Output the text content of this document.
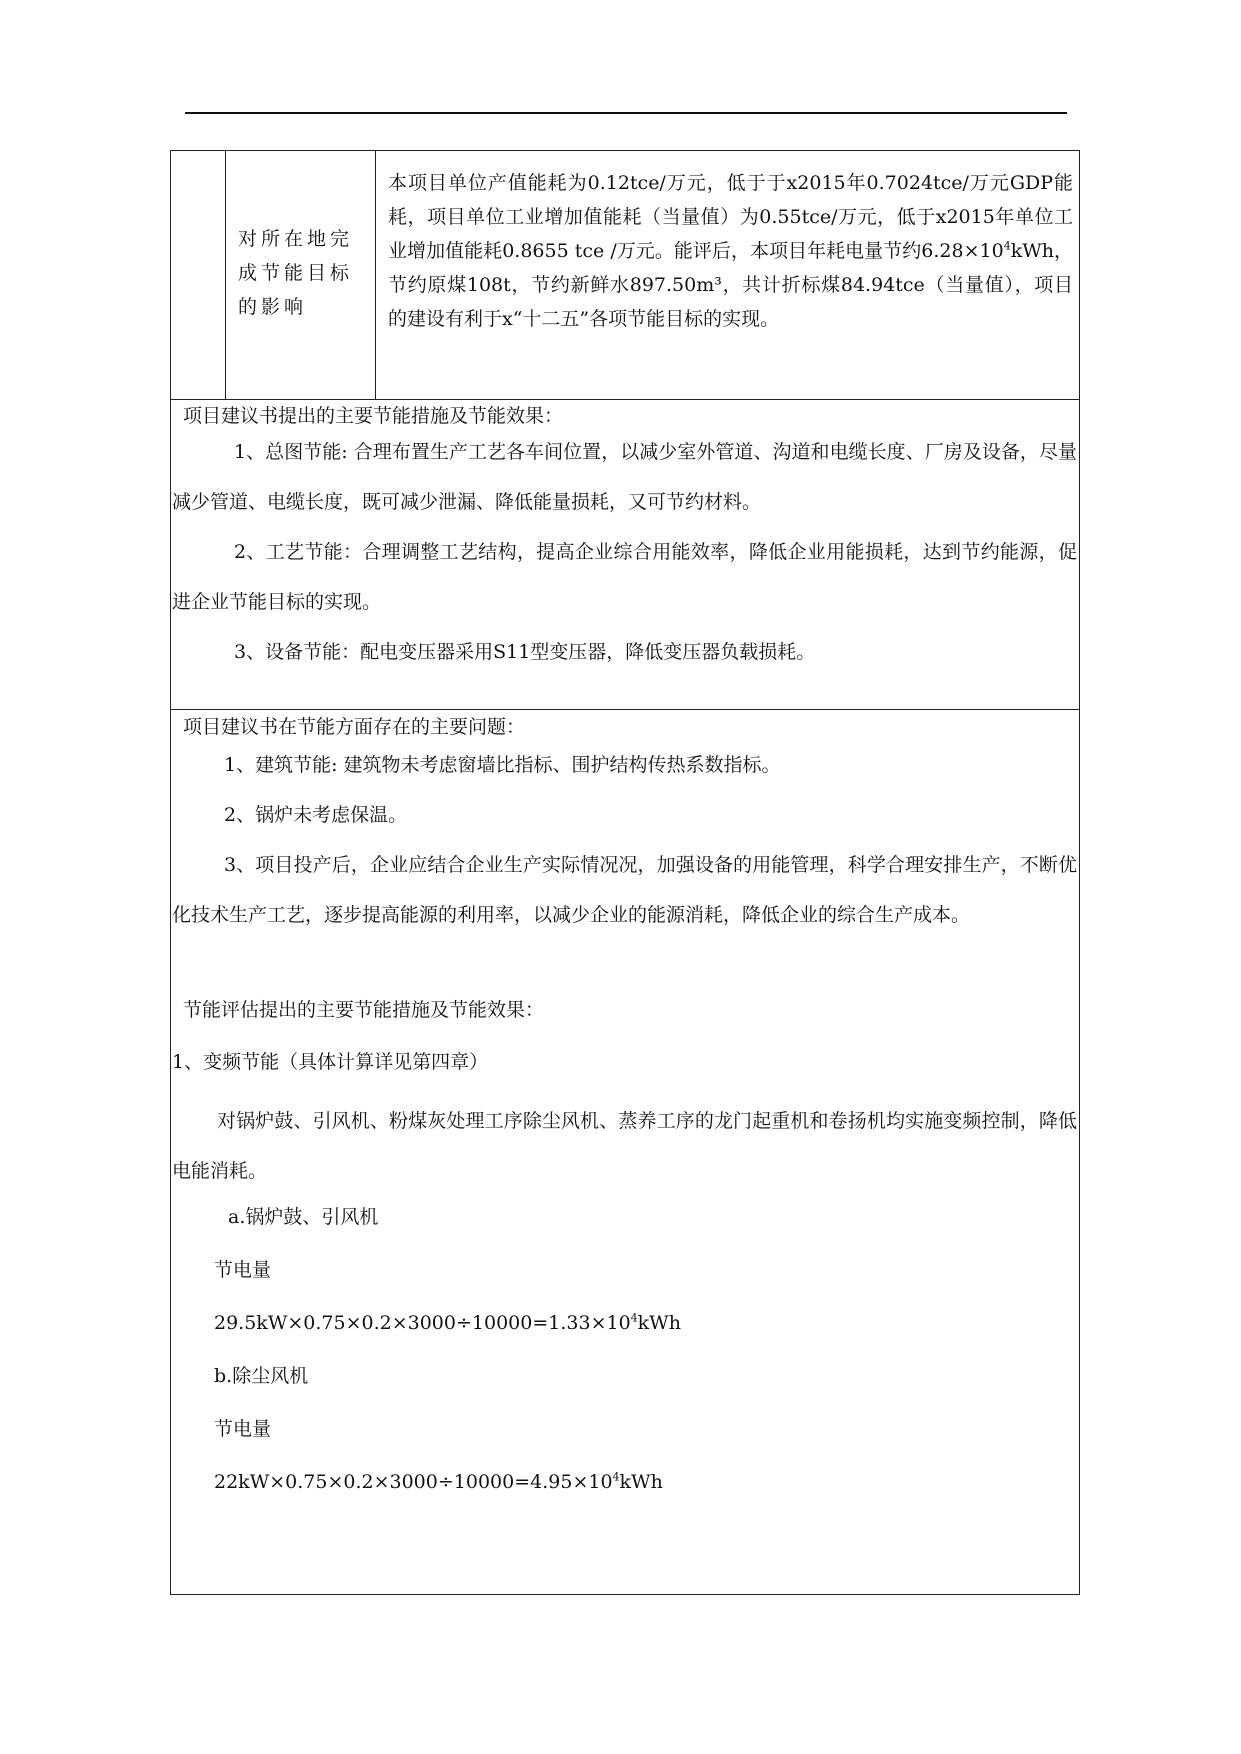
对所在地完成节能目标的影响
本项目单位产值能耗为0.12tce/万元，低于于x2015年0.7024tce/万元GDP能耗，项目单位工业增加值能耗（当量值）为0.55tce/万元，低于x2015年单位工业增加值能耗0.8655 tce /万元。能评后，本项目年耗电量节约$6.28\times 10^4kWh$，节约原煤108t，节约新鲜水897.50m³，共计折标煤84.94tce（当量值），项目的建设有利于x“十二五”各项节能目标的实现。

项目建议书提出的主要节能措施及节能效果：

1、总图节能: 合理布置生产工艺各车间位置，以减少室外管道、沟道和电缆长度、厂房及设备，尽量减少管道、电缆长度，既可减少泄漏、降低能量损耗，又可节约材料。

2、工艺节能：合理调整工艺结构，提高企业综合用能效率，降低企业用能损耗，达到节约能源，促进企业节能目标的实现。

3、设备节能：配电变压器采用S11型变压器，降低变压器负载损耗。

项目建议书在节能方面存在的主要问题：

1、建筑节能: 建筑物未考虑窗墙比指标、围护结构传热系数指标。

2、锅炉未考虑保温。

3、项目投产后，企业应结合企业生产实际情况况，加强设备的用能管理，科学合理安排生产，不断优化技术生产工艺，逐步提高能源的利用率，以减少企业的能源消耗，降低企业的综合生产成本。

节能评估提出的主要节能措施及节能效果：

1、变频节能（具体计算详见第四章）

对锅炉鼓、引风机、粉煤灰处理工序除尘风机、蒸养工序的龙门起重机和卷扬机均实施变频控制，降低电能消耗。

a.锅炉鼓、引风机

节电量

$29.5kW\times 0.75\times 0.2\times 3000\div 10000=1.33\times 10^4kWh$

b.除尘风机

节电量

$22kW\times 0.75\times 0.2\times 3000\div 10000=4.95\times 10^4kWh$
